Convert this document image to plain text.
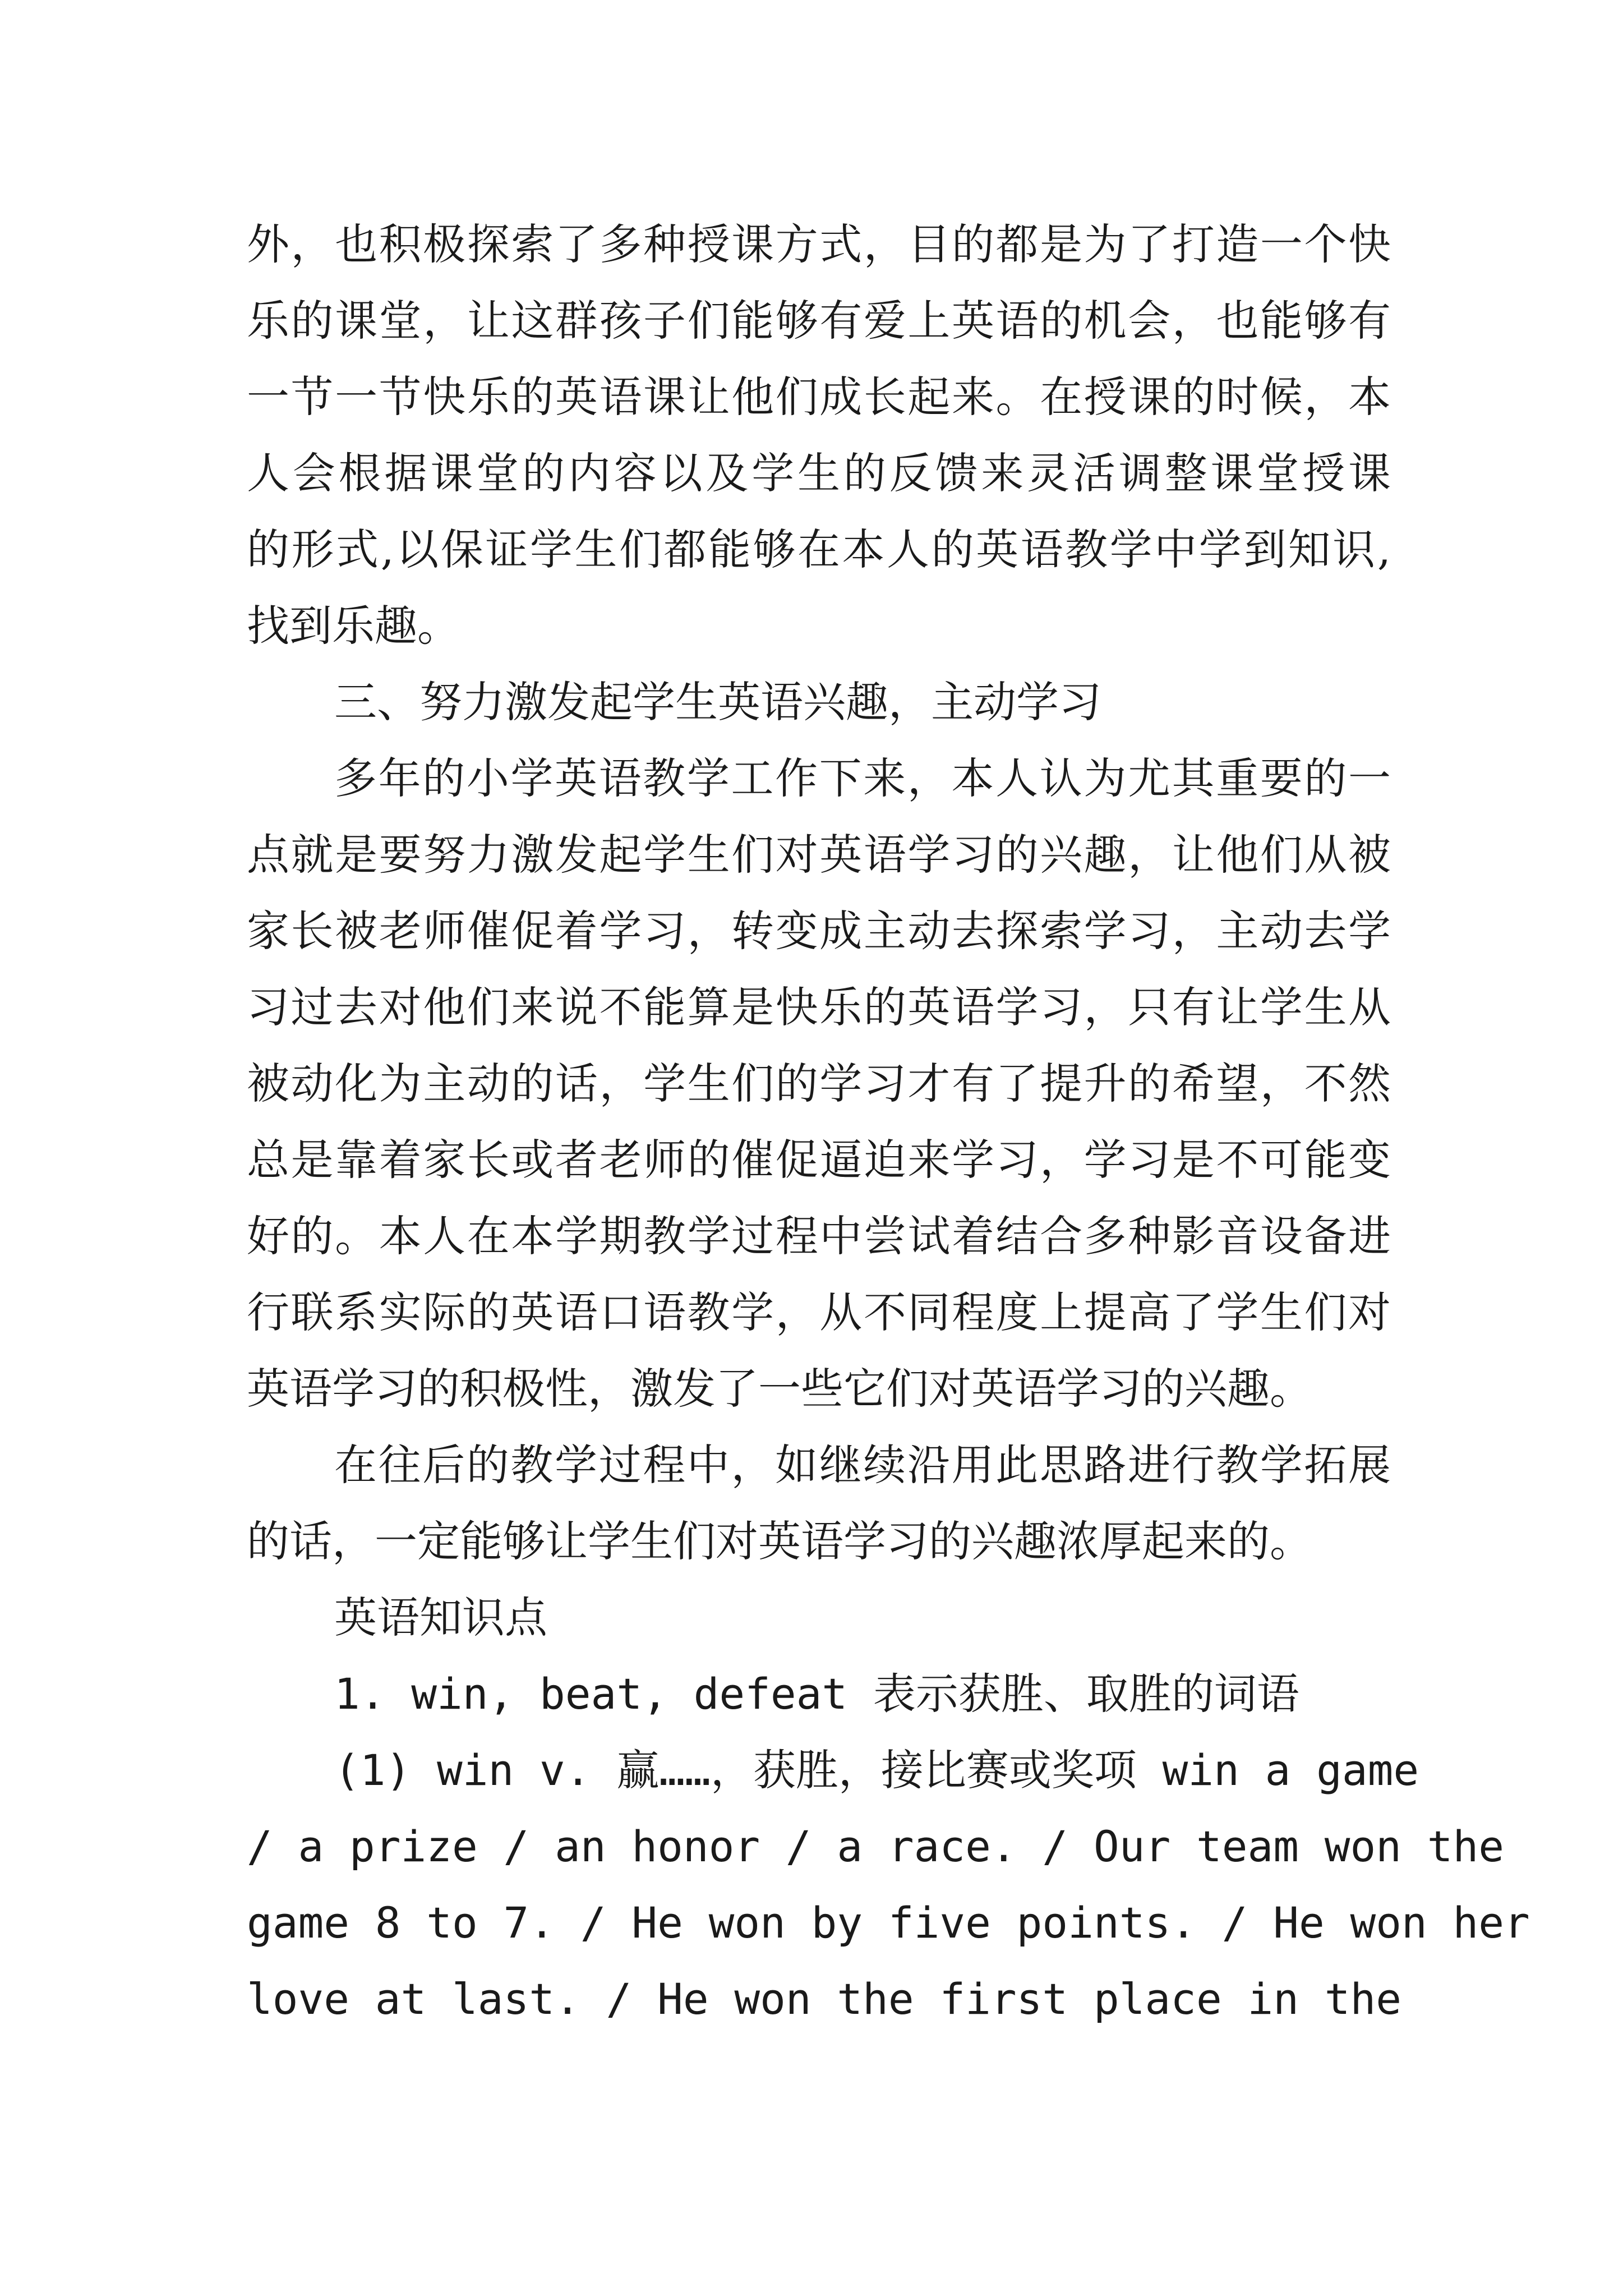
外，也积极探索了多种授课方式，目的都是为了打造一个快
乐的课堂，让这群孩子们能够有爱上英语的机会，也能够有
一节一节快乐的英语课让他们成长起来。在授课的时候，本
人会根据课堂的内容以及学生的反馈来灵活调整课堂授课
的形式,以保证学生们都能够在本人的英语教学中学到知识,
找到乐趣。
三、努力激发起学生英语兴趣，主动学习
多年的小学英语教学工作下来，本人认为尤其重要的一
点就是要努力激发起学生们对英语学习的兴趣，让他们从被
家长被老师催促着学习，转变成主动去探索学习，主动去学
习过去对他们来说不能算是快乐的英语学习，只有让学生从
被动化为主动的话，学生们的学习才有了提升的希望，不然
总是靠着家长或者老师的催促逼迫来学习，学习是不可能变
好的。本人在本学期教学过程中尝试着结合多种影音设备进
行联系实际的英语口语教学，从不同程度上提高了学生们对
英语学习的积极性，激发了一些它们对英语学习的兴趣。
在往后的教学过程中，如继续沿用此思路进行教学拓展
的话，一定能够让学生们对英语学习的兴趣浓厚起来的。
英语知识点
1. win, beat, defeat 表示获胜、取胜的词语
(1) win v. 赢……，获胜，接比赛或奖项 win a game
/ a prize / an honor / a race. / Our team won the
game 8 to 7. / He won by five points. / He won her
love at last. / He won the first place in the
